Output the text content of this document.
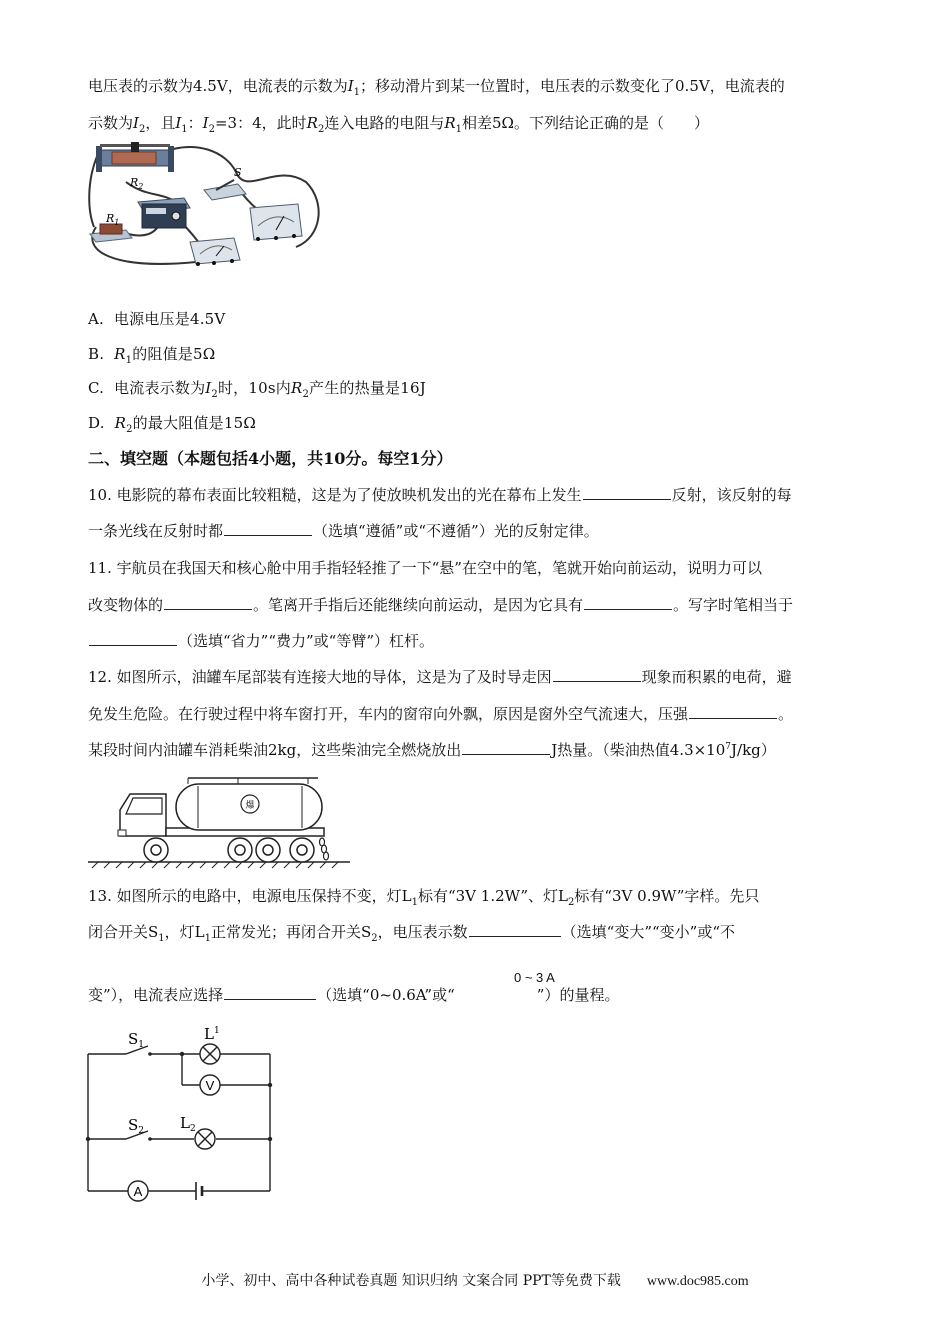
电压表的示数为4.5V，电流表的示数为$I_1$；移动滑片到某一位置时，电压表的示数变化了0.5V，电流表的
示数为$I_2$，且$I_1$：$I_2=3$：4，此时$R_2$连入电路的电阻与$R_1$相差5Ω。下列结论正确的是（　　）
$R_2$
S
$R_1$
A. 电源电压是4.5V
B. $R_1$的阻值是5Ω
C. 电流表示数为$I_2$时，10s内$R_2$产生的热量是16J
D. $R_2$的最大阻值是15Ω
二、填空题（本题包括4小题，共10分。每空1分）
10. 电影院的幕布表面比较粗糙，这是为了使放映机发出的光在幕布上发生	反射，该反射的每
一条光线在反射时都	（选填“遵循”或“不遵循”）光的反射定律。
11. 宇航员在我国天和核心舱中用手指轻轻推了一下“悬”在空中的笔，笔就开始向前运动，说明力可以
改变物体的	。笔离开手指后还能继续向前运动，是因为它具有	。写字时笔相当于
（选填“省力”“费力”或“等臂”）杠杆。
12. 如图所示，油罐车尾部装有连接大地的导体，这是为了及时导走因	现象而积累的电荷，避
免发生危险。在行驶过程中将车窗打开，车内的窗帘向外飘，原因是窗外空气流速大，压强	。
某段时间内油罐车消耗柴油2kg，这些柴油完全燃烧放出	J热量。（柴油热值$4.3\times 10^7J/kg$）
爆
13. 如图所示的电路中，电源电压保持不变，灯$L_1$标有“3V 1.2W”、灯$L_2$标有“3V 0.9W”字样。先只
闭合开关$S_1$，灯$L_1$正常发光；再闭合开关$S_2$，电压表示数	（选填“变大”“变小”或“不
0 ~ 3 A
变”），电流表应选择	（选填“0~0.6A”或“	”）的量程。
V
A
$S_1$
$L^1$
$S_2$ $L_2$
小学、初中、高中各种试卷真题 知识归纳 文案合同 PPT等免费下载 www.doc985.com
